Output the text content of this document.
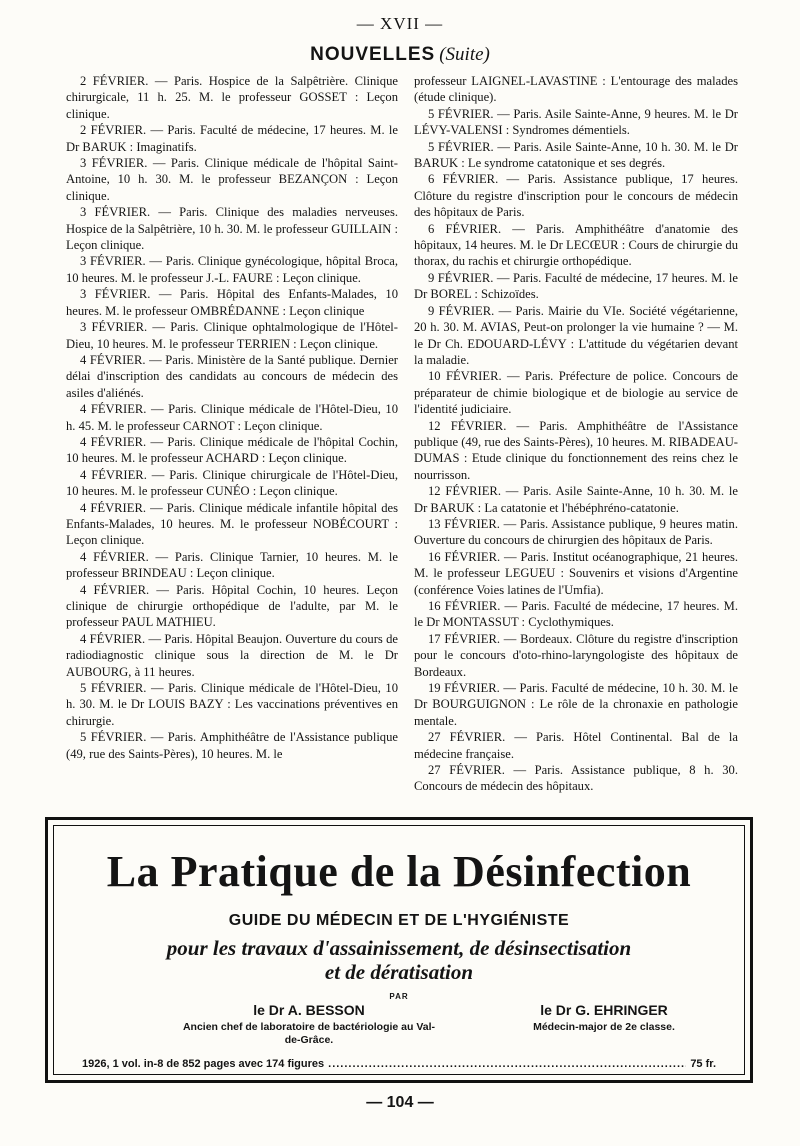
— XVII —
NOUVELLES (Suite)

2 FÉVRIER. — Paris. Hospice de la Salpêtrière. Clinique chirurgicale, 11 h. 25. M. le professeur GOSSET : Leçon clinique.

2 FÉVRIER. — Paris. Faculté de médecine, 17 heures. M. le Dr BARUK : Imaginatifs.

3 FÉVRIER. — Paris. Clinique médicale de l'hôpital Saint-Antoine, 10 h. 30. M. le professeur BEZANÇON : Leçon clinique.

3 FÉVRIER. — Paris. Clinique des maladies nerveuses. Hospice de la Salpêtrière, 10 h. 30. M. le professeur GUILLAIN : Leçon clinique.

3 FÉVRIER. — Paris. Clinique gynécologique, hôpital Broca, 10 heures. M. le professeur J.-L. FAURE : Leçon clinique.

3 FÉVRIER. — Paris. Hôpital des Enfants-Malades, 10 heures. M. le professeur OMBRÉDANNE : Leçon clinique

3 FÉVRIER. — Paris. Clinique ophtalmologique de l'Hôtel-Dieu, 10 heures. M. le professeur TERRIEN : Leçon clinique.

4 FÉVRIER. — Paris. Ministère de la Santé publique. Dernier délai d'inscription des candidats au concours de médecin des asiles d'aliénés.

4 FÉVRIER. — Paris. Clinique médicale de l'Hôtel-Dieu, 10 h. 45. M. le professeur CARNOT : Leçon clinique.

4 FÉVRIER. — Paris. Clinique médicale de l'hôpital Cochin, 10 heures. M. le professeur ACHARD : Leçon clinique.

4 FÉVRIER. — Paris. Clinique chirurgicale de l'Hôtel-Dieu, 10 heures. M. le professeur CUNÉO : Leçon clinique.

4 FÉVRIER. — Paris. Clinique médicale infantile hôpital des Enfants-Malades, 10 heures. M. le professeur NOBÉCOURT : Leçon clinique.

4 FÉVRIER. — Paris. Clinique Tarnier, 10 heures. M. le professeur BRINDEAU : Leçon clinique.

4 FÉVRIER. — Paris. Hôpital Cochin, 10 heures. Leçon clinique de chirurgie orthopédique de l'adulte, par M. le professeur PAUL MATHIEU.

4 FÉVRIER. — Paris. Hôpital Beaujon. Ouverture du cours de radiodiagnostic clinique sous la direction de M. le Dr AUBOURG, à 11 heures.

5 FÉVRIER. — Paris. Clinique médicale de l'Hôtel-Dieu, 10 h. 30. M. le Dr LOUIS BAZY : Les vaccinations préventives en chirurgie.

5 FÉVRIER. — Paris. Amphithéâtre de l'Assistance publique (49, rue des Saints-Pères), 10 heures. M. le

professeur LAIGNEL-LAVASTINE : L'entourage des malades (étude clinique).

5 FÉVRIER. — Paris. Asile Sainte-Anne, 9 heures. M. le Dr LÉVY-VALENSI : Syndromes démentiels.

5 FÉVRIER. — Paris. Asile Sainte-Anne, 10 h. 30. M. le Dr BARUK : Le syndrome catatonique et ses degrés.

6 FÉVRIER. — Paris. Assistance publique, 17 heures. Clôture du registre d'inscription pour le concours de médecin des hôpitaux de Paris.

6 FÉVRIER. — Paris. Amphithéâtre d'anatomie des hôpitaux, 14 heures. M. le Dr LECŒUR : Cours de chirurgie du thorax, du rachis et chirurgie orthopédique.

9 FÉVRIER. — Paris. Faculté de médecine, 17 heures. M. le Dr BOREL : Schizoïdes.

9 FÉVRIER. — Paris. Mairie du VIe. Société végétarienne, 20 h. 30. M. AVIAS, Peut-on prolonger la vie humaine ? — M. le Dr Ch. EDOUARD-LÉVY : L'attitude du végétarien devant la maladie.

10 FÉVRIER. — Paris. Préfecture de police. Concours de préparateur de chimie biologique et de biologie au service de l'identité judiciaire.

12 FÉVRIER. — Paris. Amphithéâtre de l'Assistance publique (49, rue des Saints-Pères), 10 heures. M. RIBADEAU-DUMAS : Etude clinique du fonctionnement des reins chez le nourrisson.

12 FÉVRIER. — Paris. Asile Sainte-Anne, 10 h. 30. M. le Dr BARUK : La catatonie et l'hébéphréno-catatonie.

13 FÉVRIER. — Paris. Assistance publique, 9 heures matin. Ouverture du concours de chirurgien des hôpitaux de Paris.

16 FÉVRIER. — Paris. Institut océanographique, 21 heures. M. le professeur LEGUEU : Souvenirs et visions d'Argentine (conférence Voies latines de l'Umfia).

16 FÉVRIER. — Paris. Faculté de médecine, 17 heures. M. le Dr MONTASSUT : Cyclothymiques.

17 FÉVRIER. — Bordeaux. Clôture du registre d'inscription pour le concours d'oto-rhino-laryngologiste des hôpitaux de Bordeaux.

19 FÉVRIER. — Paris. Faculté de médecine, 10 h. 30. M. le Dr BOURGUIGNON : Le rôle de la chronaxie en pathologie mentale.

27 FÉVRIER. — Paris. Hôtel Continental. Bal de la médecine française.

27 FÉVRIER. — Paris. Assistance publique, 8 h. 30. Concours de médecin des hôpitaux.

La Pratique de la Désinfection
GUIDE DU MÉDECIN ET DE L'HYGIÉNISTE
pour les travaux d'assainissement, de désinsectisation
et de dératisation
PAR
le Dr A. BESSON
Ancien chef de laboratoire de bactériologie au Val-de-Grâce.
le Dr G. EHRINGER
Médecin-major de 2e classe.
1926, 1 vol. in-8 de 852 pages avec 174 figures
.....	75 fr.
— 104 —
